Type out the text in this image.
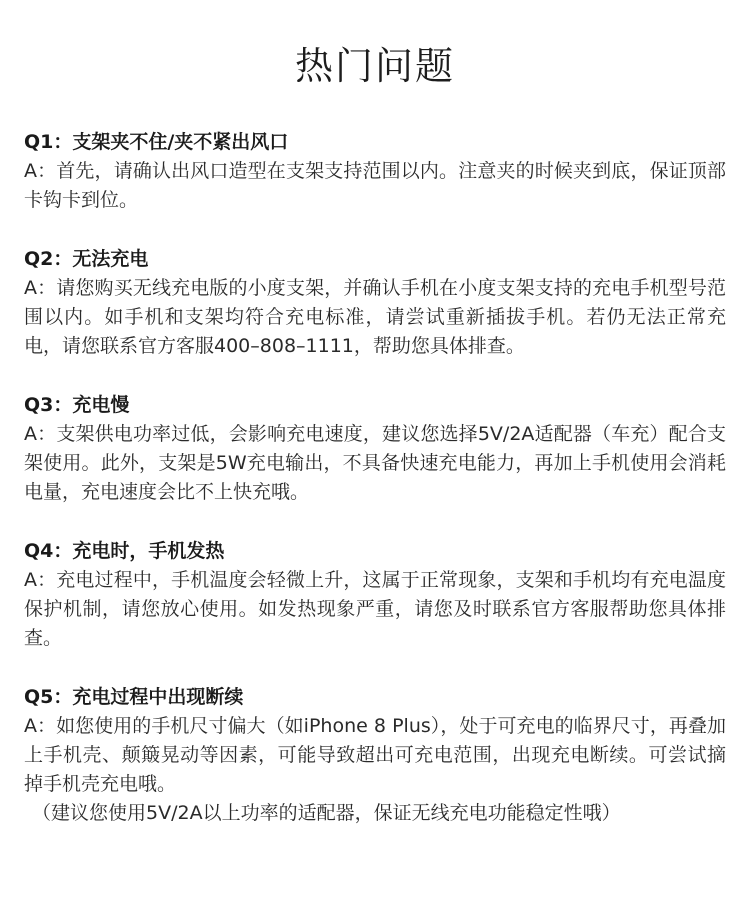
热门问题

Q1：支架夹不住/夹不紧出风口

A：首先，请确认出风口造型在支架支持范围以内。注意夹的时候夹到底，保证顶部卡钩卡到位。

Q2：无法充电

A：请您购买无线充电版的小度支架，并确认手机在小度支架支持的充电手机型号范围以内。如手机和支架均符合充电标准，请尝试重新插拔手机。若仍无法正常充电，请您联系官方客服400–808–1111，帮助您具体排查。

Q3：充电慢

A：支架供电功率过低，会影响充电速度，建议您选择5V/2A适配器（车充）配合支架使用。此外，支架是5W充电输出，不具备快速充电能力，再加上手机使用会消耗电量，充电速度会比不上快充哦。

Q4：充电时，手机发热

A：充电过程中，手机温度会轻微上升，这属于正常现象，支架和手机均有充电温度保护机制，请您放心使用。如发热现象严重，请您及时联系官方客服帮助您具体排查。

Q5：充电过程中出现断续

A：如您使用的手机尺寸偏大（如iPhone 8 Plus），处于可充电的临界尺寸，再叠加上手机壳、颠簸晃动等因素，可能导致超出可充电范围，出现充电断续。可尝试摘掉手机壳充电哦。

（建议您使用5V/2A以上功率的适配器，保证无线充电功能稳定性哦）
